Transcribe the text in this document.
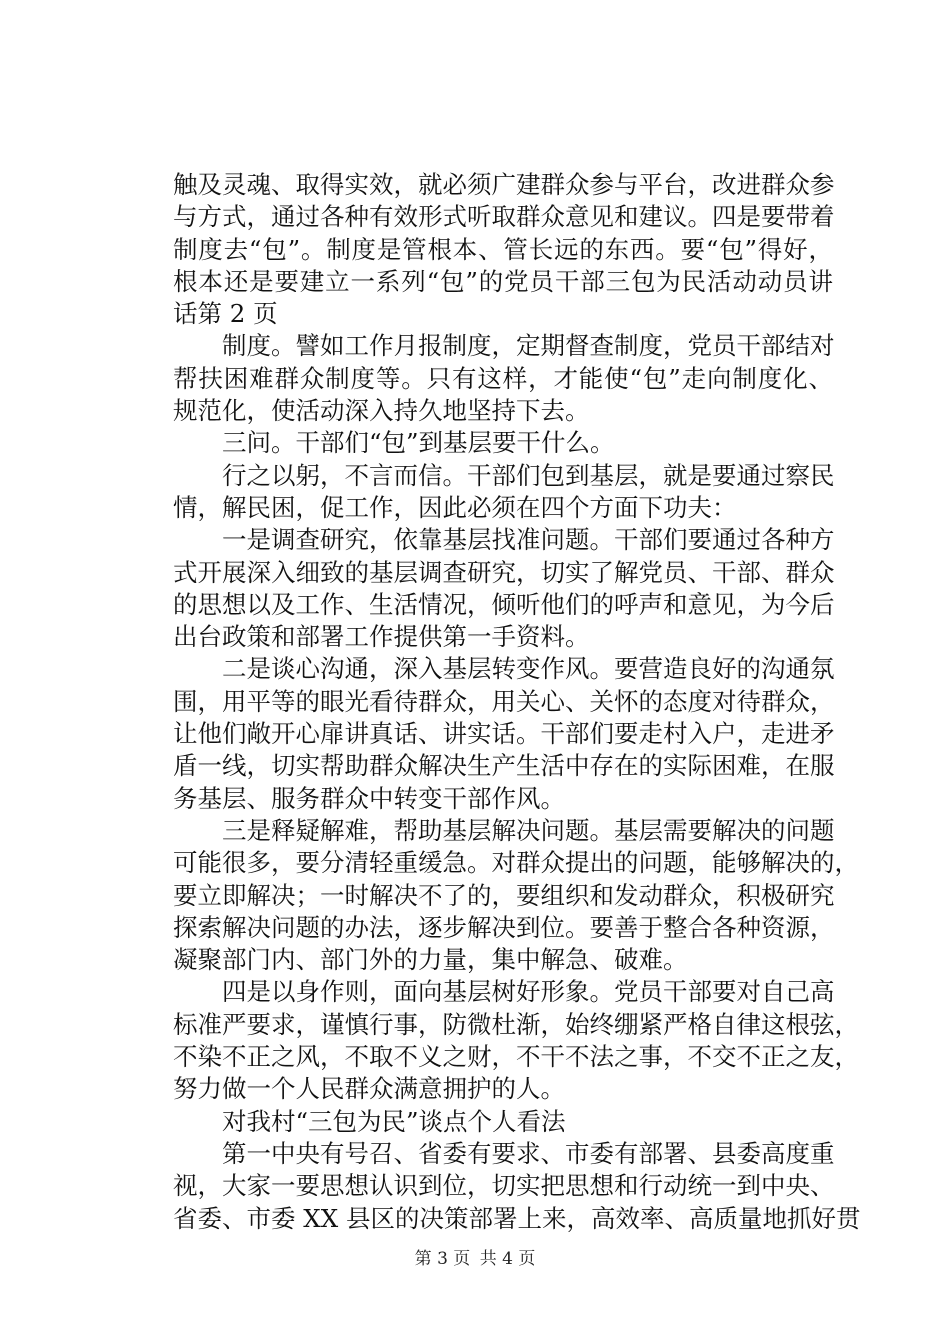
触及灵魂、取得实效，就必须广建群众参与平台，改进群众参
与方式，通过各种有效形式听取群众意见和建议。四是要带着
制度去“包”。制度是管根本、管长远的东西。要“包”得好，
根本还是要建立一系列“包”的党员干部三包为民活动动员讲
话第 2 页
制度。譬如工作月报制度，定期督查制度，党员干部结对
帮扶困难群众制度等。只有这样，才能使“包”走向制度化、
规范化，使活动深入持久地坚持下去。
三问。干部们“包”到基层要干什么。
行之以躬，不言而信。干部们包到基层，就是要通过察民
情，解民困，促工作，因此必须在四个方面下功夫：
一是调查研究，依靠基层找准问题。干部们要通过各种方
式开展深入细致的基层调查研究，切实了解党员、干部、群众
的思想以及工作、生活情况，倾听他们的呼声和意见，为今后
出台政策和部署工作提供第一手资料。
二是谈心沟通，深入基层转变作风。要营造良好的沟通氛
围，用平等的眼光看待群众，用关心、关怀的态度对待群众，
让他们敞开心扉讲真话、讲实话。干部们要走村入户，走进矛
盾一线，切实帮助群众解决生产生活中存在的实际困难，在服
务基层、服务群众中转变干部作风。
三是释疑解难，帮助基层解决问题。基层需要解决的问题
可能很多，要分清轻重缓急。对群众提出的问题，能够解决的，
要立即解决；一时解决不了的，要组织和发动群众，积极研究
探索解决问题的办法，逐步解决到位。要善于整合各种资源，
凝聚部门内、部门外的力量，集中解急、破难。
四是以身作则，面向基层树好形象。党员干部要对自己高
标准严要求，谨慎行事，防微杜渐，始终绷紧严格自律这根弦，
不染不正之风，不取不义之财，不干不法之事，不交不正之友，
努力做一个人民群众满意拥护的人。
对我村“三包为民”谈点个人看法
第一中央有号召、省委有要求、市委有部署、县委高度重
视，大家一要思想认识到位，切实把思想和行动统一到中央、
省委、市委 XX 县区的决策部署上来，高效率、高质量地抓好贯
第 3 页 共 4 页
